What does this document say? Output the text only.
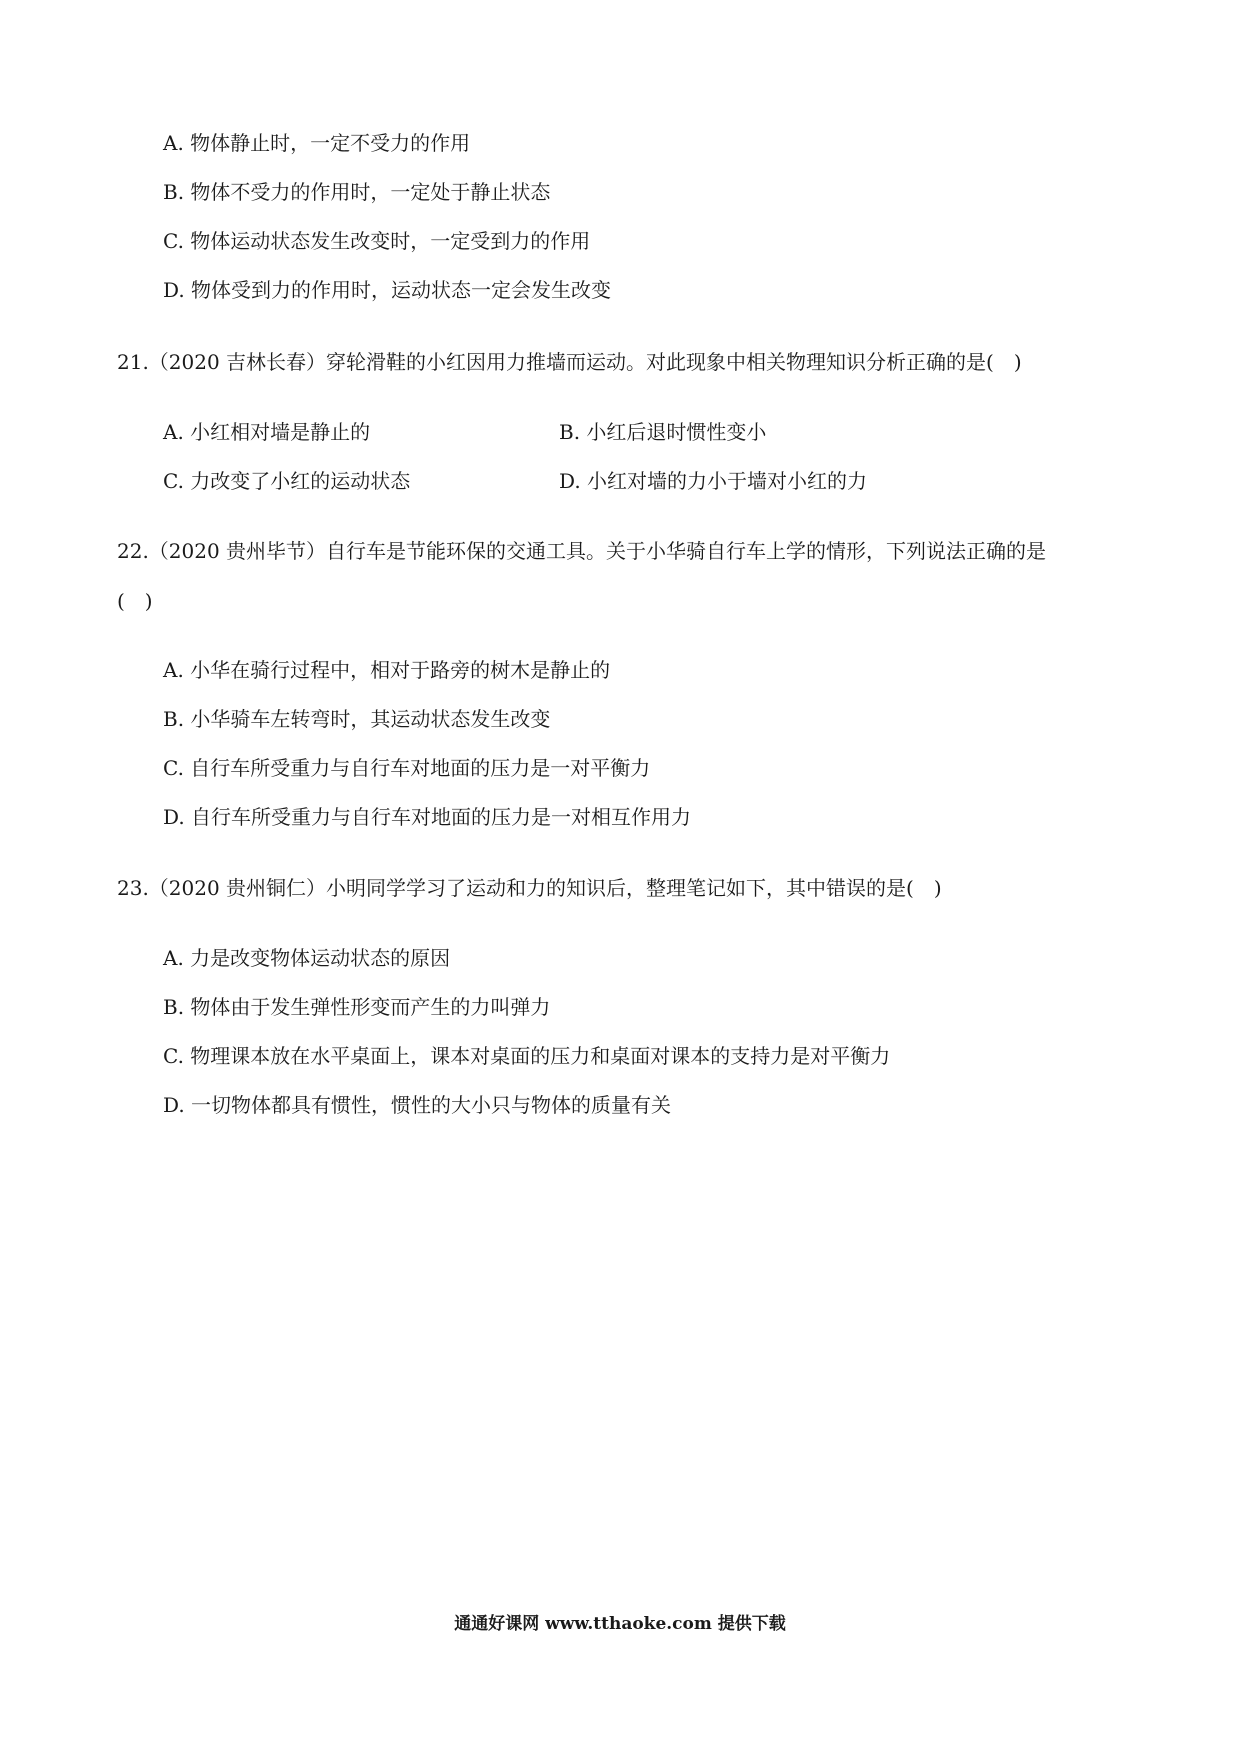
A. 物体静止时，一定不受力的作用
B. 物体不受力的作用时，一定处于静止状态
C. 物体运动状态发生改变时，一定受到力的作用
D. 物体受到力的作用时，运动状态一定会发生改变
21.（2020 吉林长春）穿轮滑鞋的小红因用力推墙而运动。对此现象中相关物理知识分析正确的是(　)
A. 小红相对墙是静止的	B. 小红后退时惯性变小
C. 力改变了小红的运动状态	D. 小红对墙的力小于墙对小红的力
22.（2020 贵州毕节）自行车是节能环保的交通工具。关于小华骑自行车上学的情形，下列说法正确的是
(　)
A. 小华在骑行过程中，相对于路旁的树木是静止的
B. 小华骑车左转弯时，其运动状态发生改变
C. 自行车所受重力与自行车对地面的压力是一对平衡力
D. 自行车所受重力与自行车对地面的压力是一对相互作用力
23.（2020 贵州铜仁）小明同学学习了运动和力的知识后，整理笔记如下，其中错误的是(　)
A. 力是改变物体运动状态的原因
B. 物体由于发生弹性形变而产生的力叫弹力
C. 物理课本放在水平桌面上，课本对桌面的压力和桌面对课本的支持力是对平衡力
D. 一切物体都具有惯性，惯性的大小只与物体的质量有关
通通好课网 www.tthaoke.com 提供下载
